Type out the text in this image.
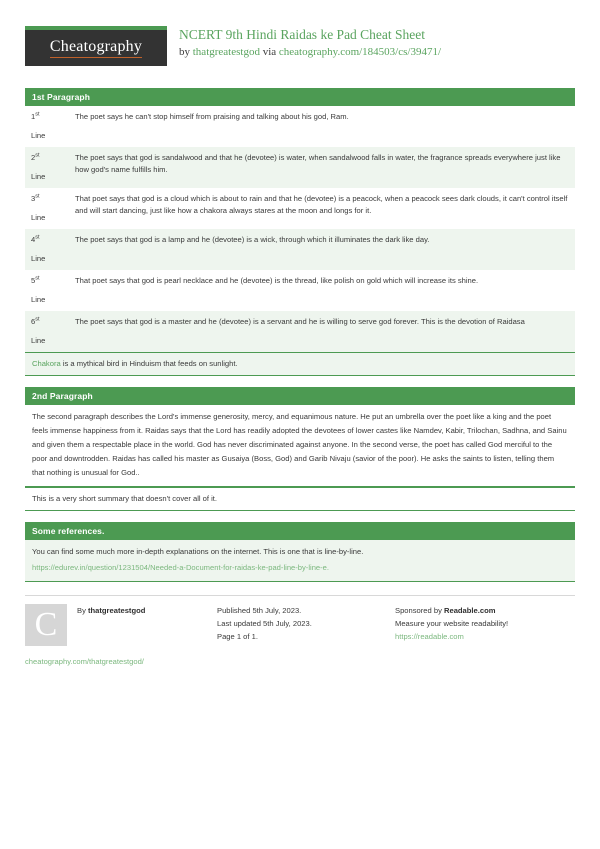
Cheatography
NCERT 9th Hindi Raidas ke Pad Cheat Sheet
by thatgreatestgod via cheatography.com/184503/cs/39471/
1st Paragraph
1st
Line	The poet says he can't stop himself from praising and talking about his god, Ram.
2st
Line	The poet says that god is sandalwood and that he (devotee) is water, when sandalwood falls in water, the fragrance spreads everywhere just like how god's name fulfills him.
3st
Line	That poet says that god is a cloud which is about to rain and that he (devotee) is a peacock, when a peacock sees dark clouds, it can't control itself and will start dancing, just like how a chakora always stares at the moon and longs for it.
4st
Line	The poet says that god is a lamp and he (devotee) is a wick, through which it illuminates the dark like day.
5st
Line	That poet says that god is pearl necklace and he (devotee) is the thread, like polish on gold which will increase its shine.
6st
Line	The poet says that god is a master and he (devotee) is a servant and he is willing to serve god forever. This is the devotion of Raidasa
Chakora is a mythical bird in Hinduism that feeds on sunlight.
2nd Paragraph
The second paragraph describes the Lord's immense generosity, mercy, and equanimous nature. He put an umbrella over the poet like a king and the poet feels immense happiness from it. Raidas says that the Lord has readily adopted the devotees of lower castes like Namdev, Kabir, Trilochan, Sadhna, and Sainu and given them a respectable place in the world. God has never discriminated against anyone. In the second verse, the poet has called God merciful to the poor and downtrodden. Raidas has called his master as Gusaiya (Boss, God) and Garib Nivaju (savior of the poor). He asks the saints to listen, telling them that nothing is unusual for God..
This is a very short summary that doesn't cover all of it.
Some references.
You can find some much more in-depth explanations on the internet. This is one that is line-by-line.
https://edurev.in/question/1231504/Needed-a-Document-for-raidas-ke-pad-line-by-line-e.
C	By thatgreatestgod
cheatography.com/thatgreatestgod/
Published 5th July, 2023.
Last updated 5th July, 2023.
Page 1 of 1.
Sponsored by Readable.com
Measure your website readability!
https://readable.com
